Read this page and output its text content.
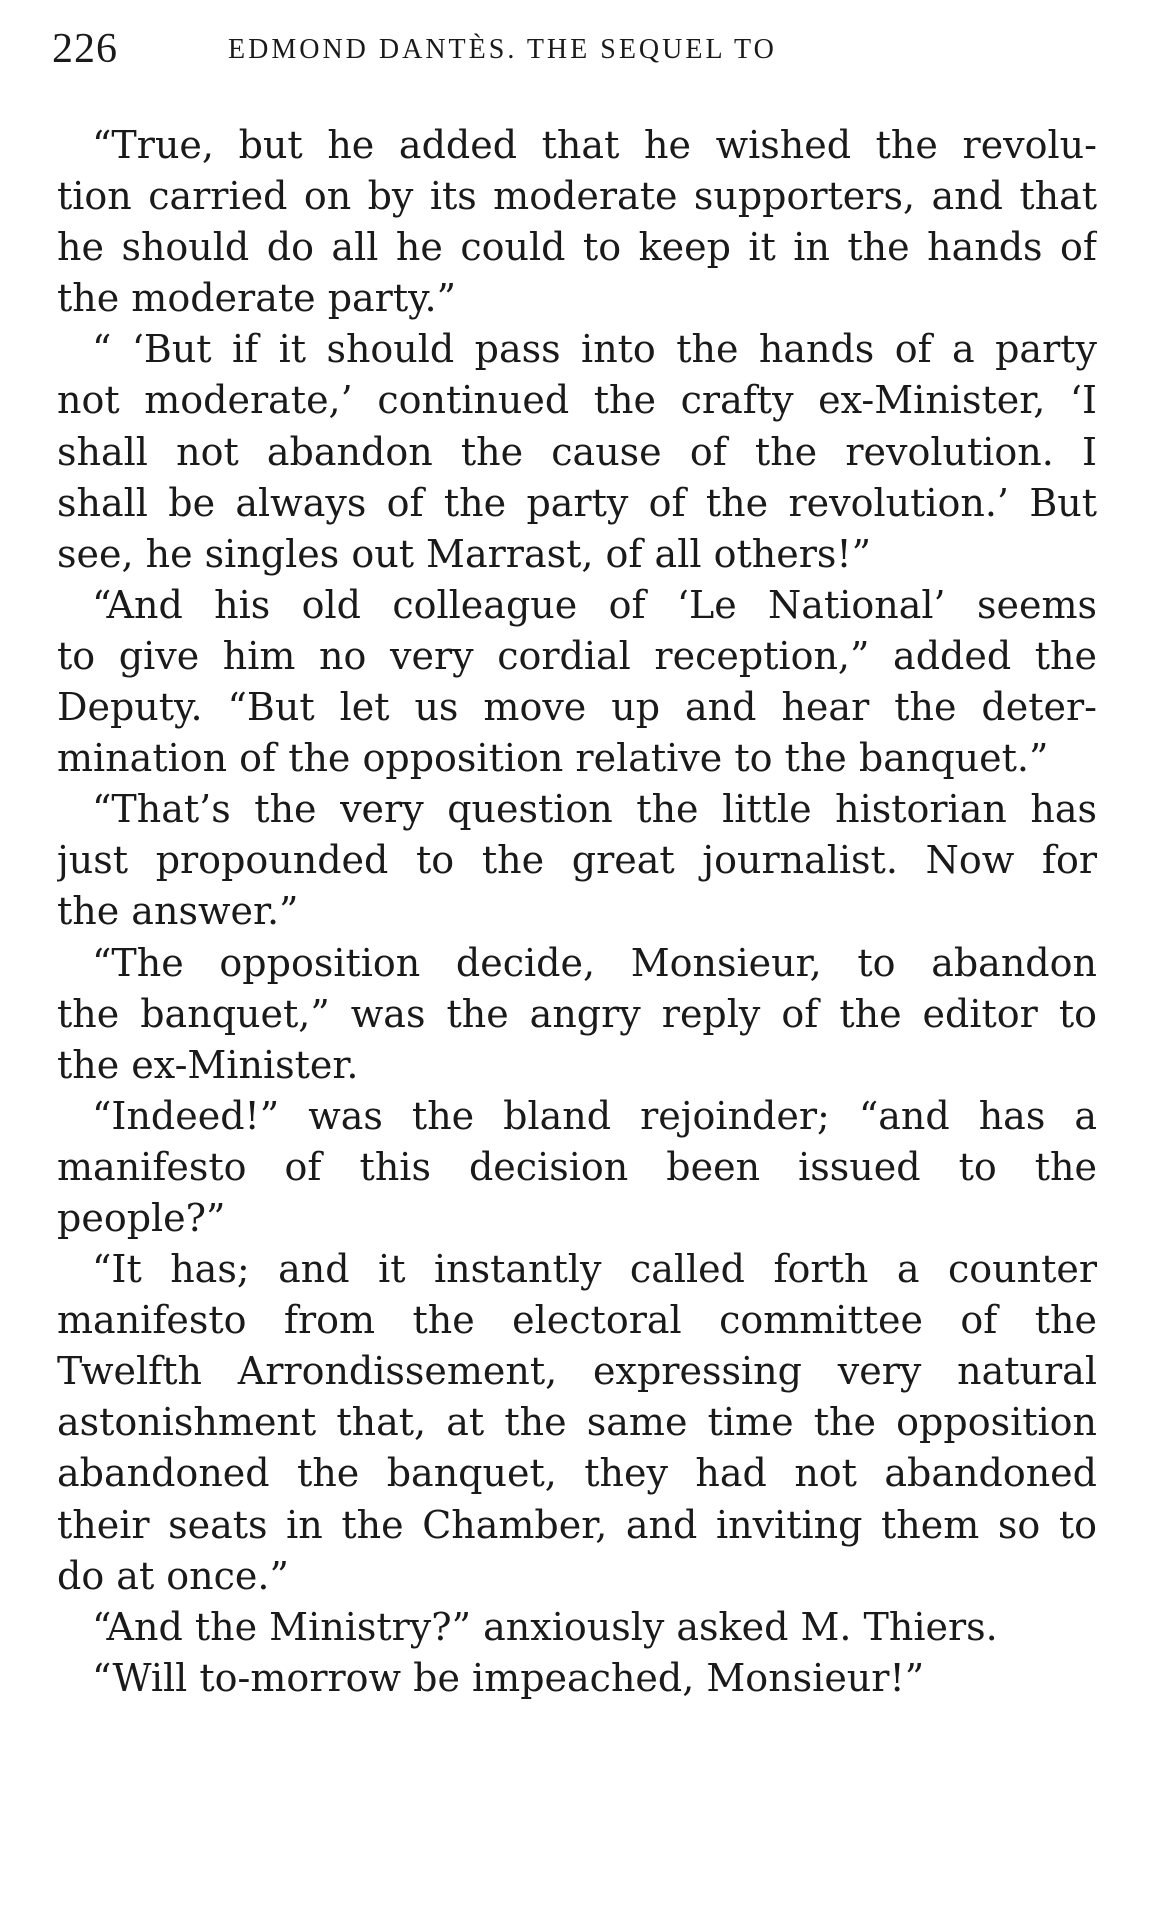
226	EDMOND DANTÈS. THE SEQUEL TO
“True, but he added that he wished the revolu-
tion carried on by its moderate supporters, and that
he should do all he could to keep it in the hands of
the moderate party.”
“ ‘But if it should pass into the hands of a party
not moderate,’ continued the crafty ex-Minister, ‘I
shall not abandon the cause of the revolution. I
shall be always of the party of the revolution.’ But
see, he singles out Marrast, of all others!”
“And his old colleague of ‘Le National’ seems
to give him no very cordial reception,” added the
Deputy. “But let us move up and hear the deter-
mination of the opposition relative to the banquet.”
“That’s the very question the little historian has
just propounded to the great journalist. Now for
the answer.”
“The opposition decide, Monsieur, to abandon
the banquet,” was the angry reply of the editor to
the ex-Minister.
“Indeed!” was the bland rejoinder; “and has a
manifesto of this decision been issued to the
people?”
“It has; and it instantly called forth a counter
manifesto from the electoral committee of the
Twelfth Arrondissement, expressing very natural
astonishment that, at the same time the opposition
abandoned the banquet, they had not abandoned
their seats in the Chamber, and inviting them so to
do at once.”
“And the Ministry?” anxiously asked M. Thiers.
“Will to-morrow be impeached, Monsieur!”
